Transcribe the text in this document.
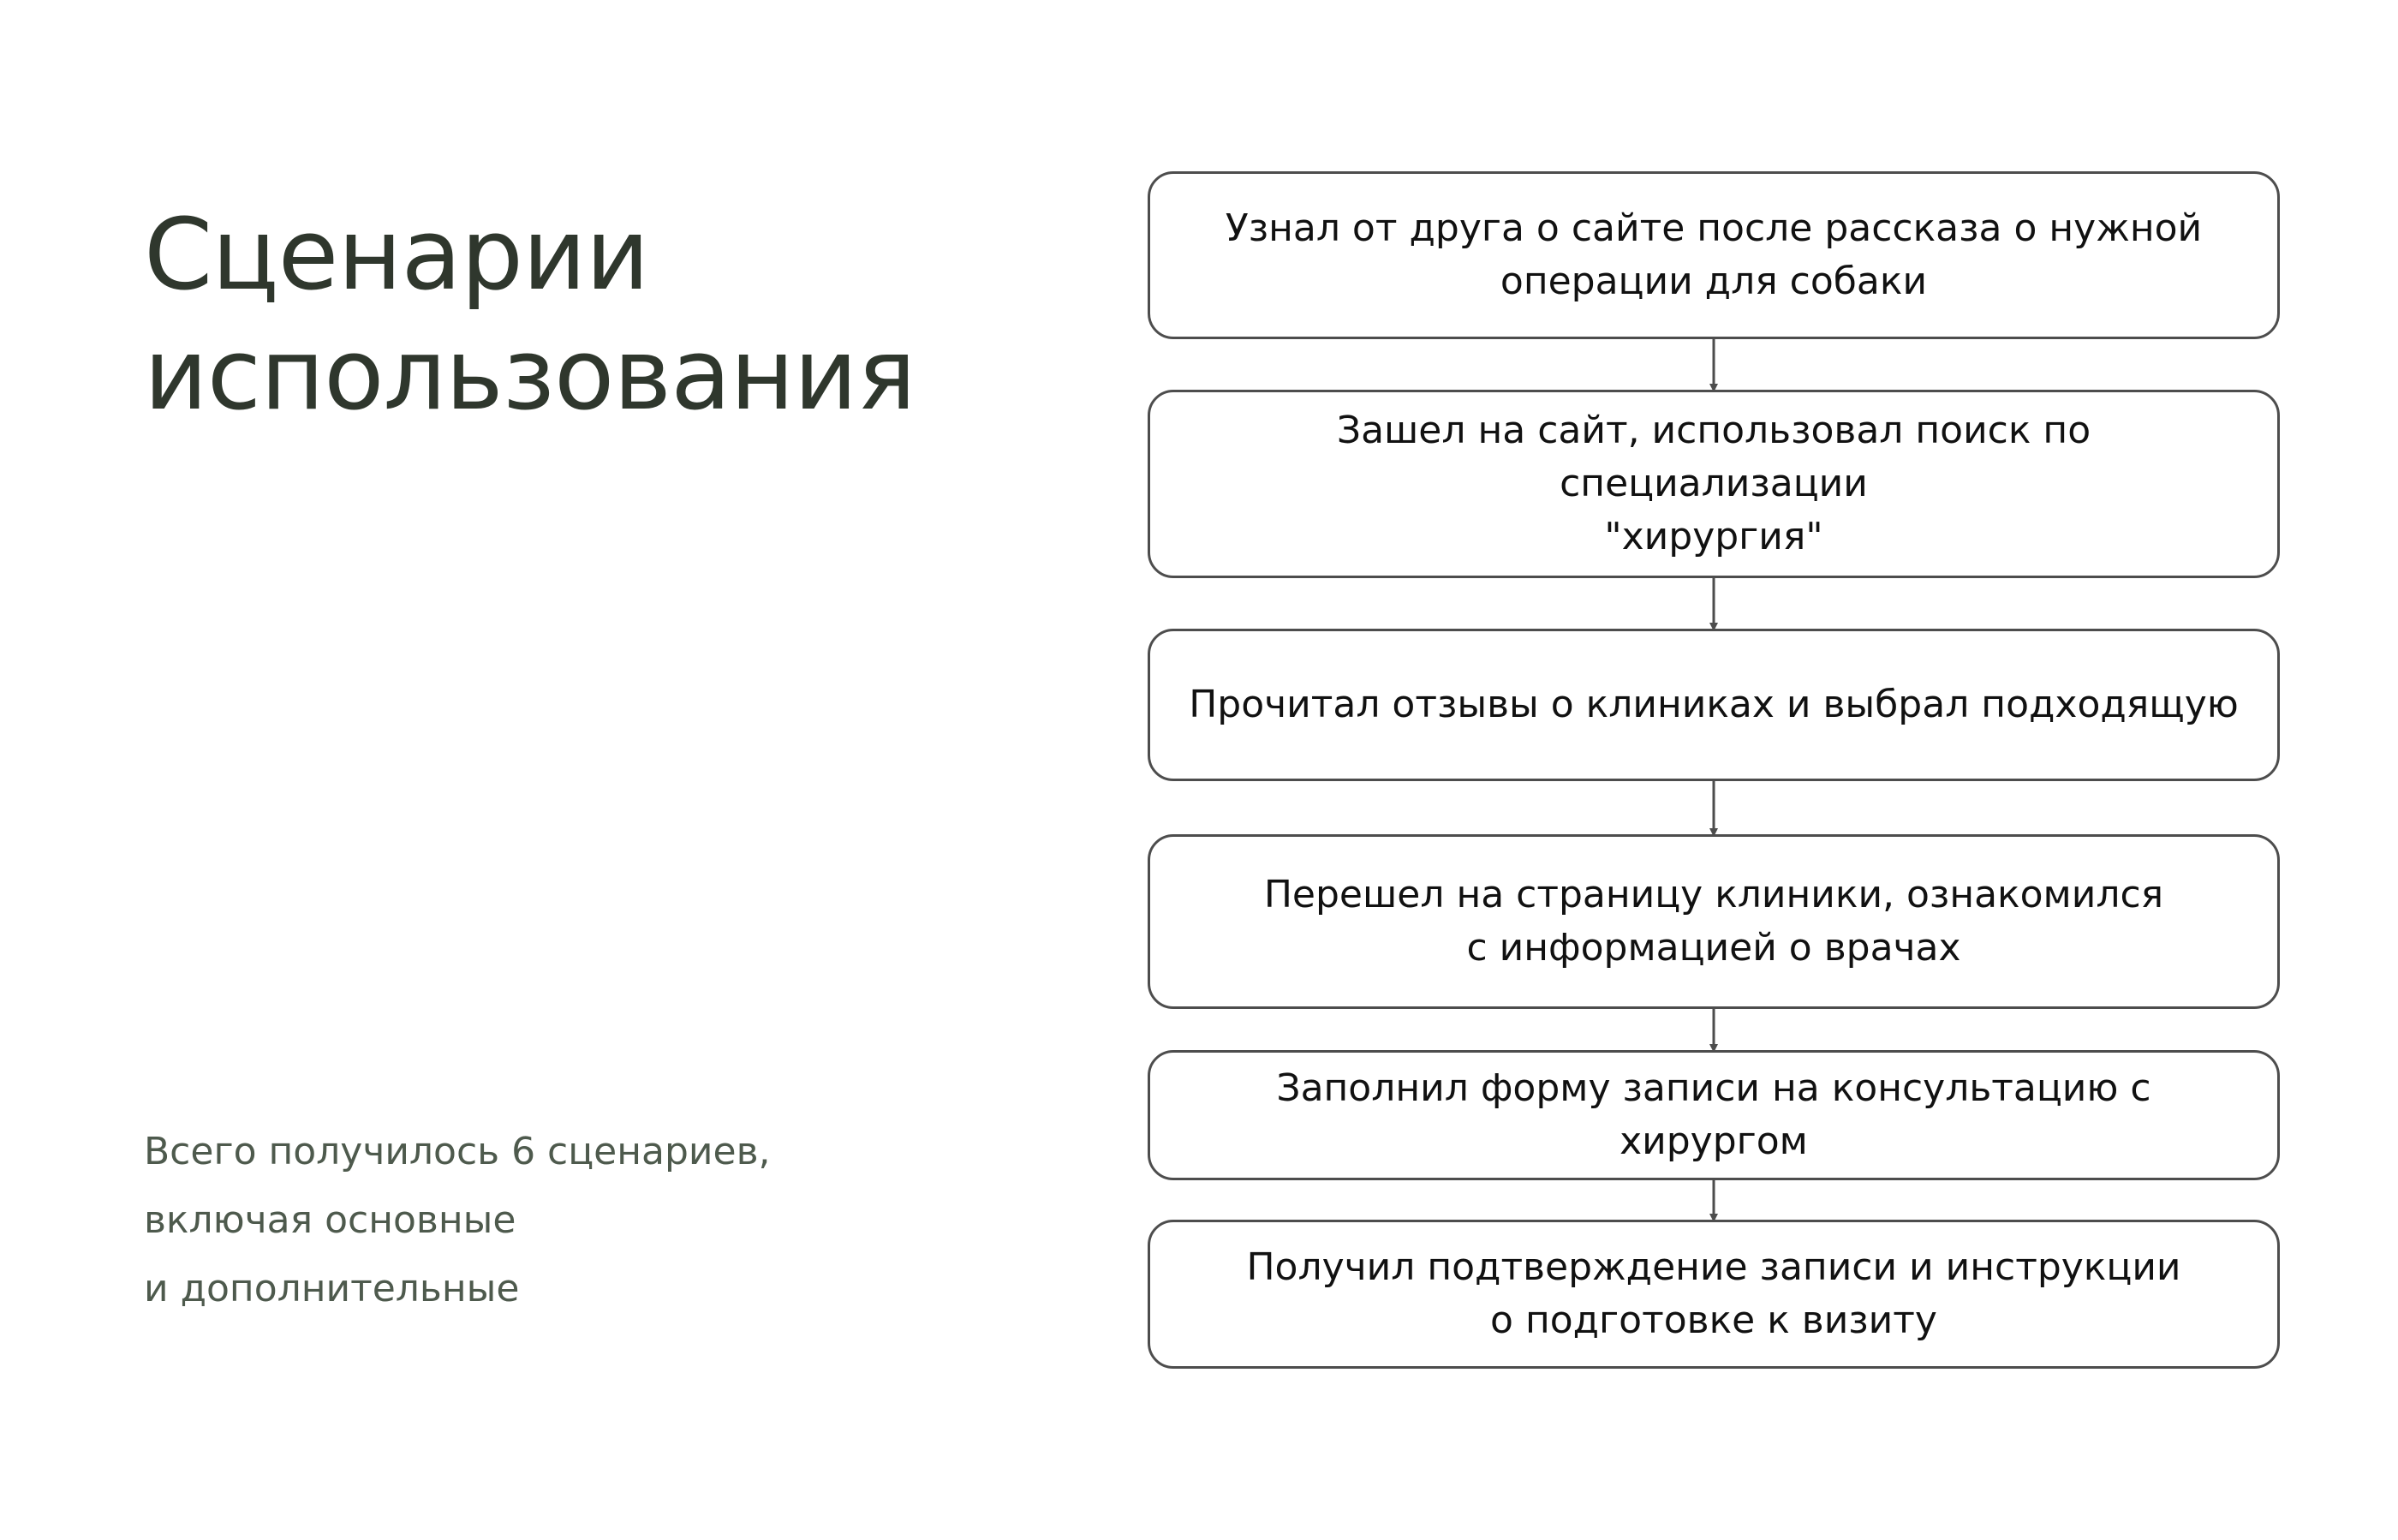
Сценарии
использования

Всего получилось 6 сценариев,
включая основные
и дополнительные

Узнал от друга о сайте после рассказа о нужной
операции для собаки
Зашел на сайт, использовал поиск по специализации
"хирургия"
Прочитал отзывы о клиниках и выбрал подходящую
Перешел на страницу клиники, ознакомился
с информацией о врачах
Заполнил форму записи на консультацию с хирургом
Получил подтверждение записи и инструкции
о подготовке к визиту
